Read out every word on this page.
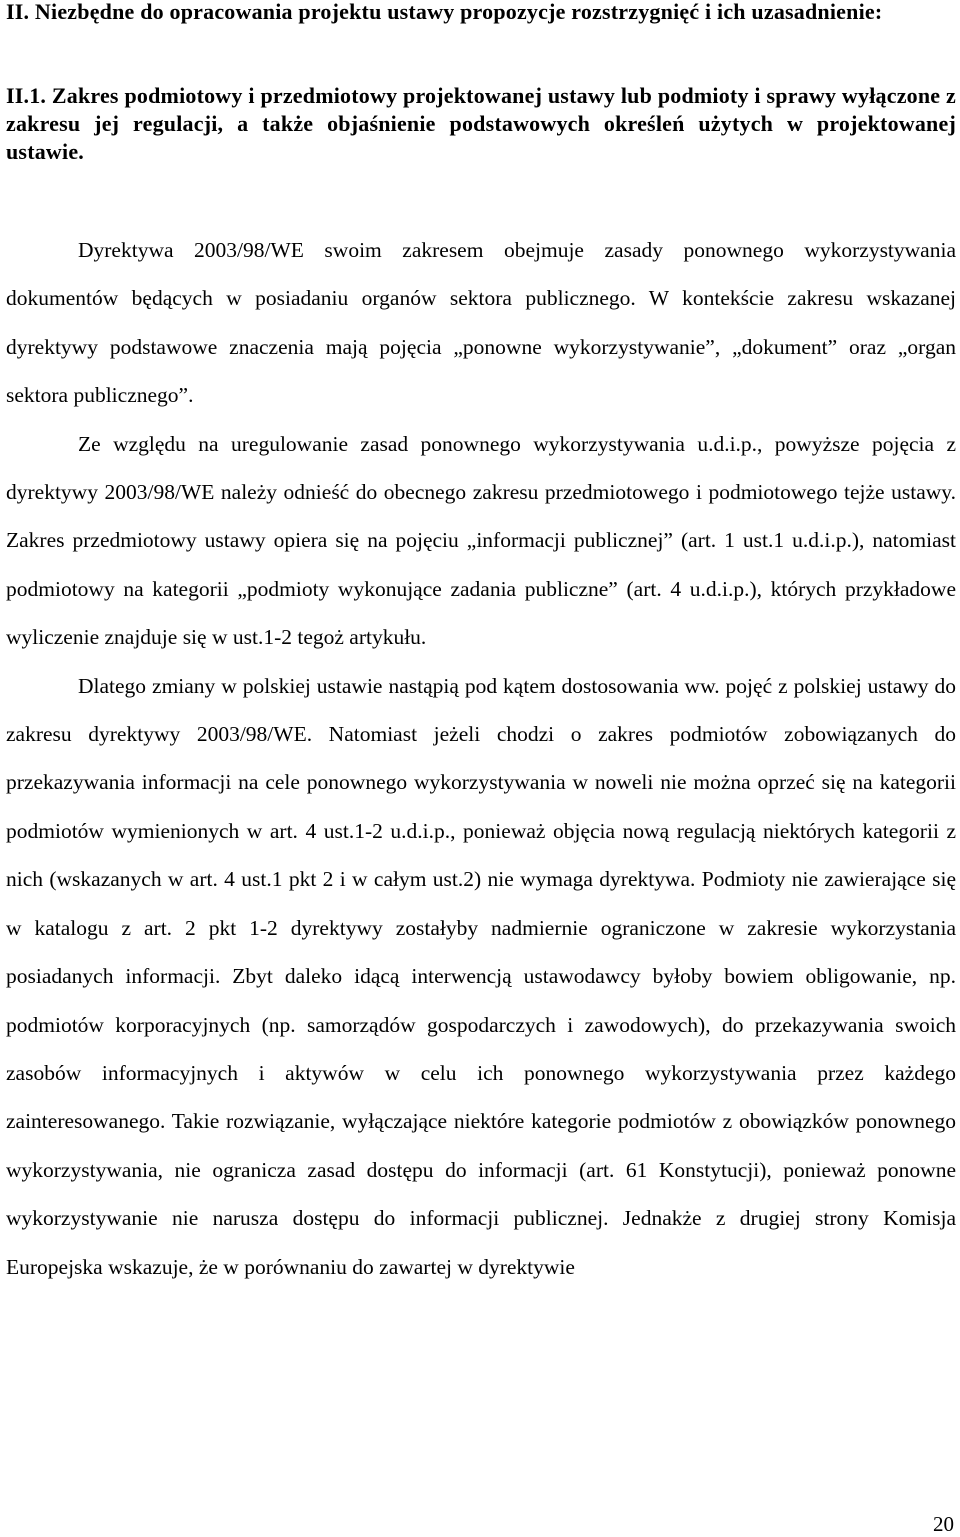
II. Niezbędne do opracowania projektu ustawy propozycje rozstrzygnięć i ich uzasadnienie:

II.1. Zakres podmiotowy i przedmiotowy projektowanej ustawy lub podmioty i sprawy wyłączone z zakresu jej regulacji, a także objaśnienie podstawowych określeń użytych w projektowanej ustawie.

Dyrektywa 2003/98/WE swoim zakresem obejmuje zasady ponownego wykorzystywania dokumentów będących w posiadaniu organów sektora publicznego. W kontekście zakresu wskazanej dyrektywy podstawowe znaczenia mają pojęcia „ponowne wykorzystywanie”, „dokument” oraz „organ sektora publicznego”.

Ze względu na uregulowanie zasad ponownego wykorzystywania u.d.i.p., powyższe pojęcia z dyrektywy 2003/98/WE należy odnieść do obecnego zakresu przedmiotowego i podmiotowego tejże ustawy. Zakres przedmiotowy ustawy opiera się na pojęciu „informacji publicznej” (art. 1 ust.1 u.d.i.p.), natomiast podmiotowy na kategorii „podmioty wykonujące zadania publiczne” (art. 4 u.d.i.p.), których przykładowe wyliczenie znajduje się w ust.1-2 tegoż artykułu.

Dlatego zmiany w polskiej ustawie nastąpią pod kątem dostosowania ww. pojęć z polskiej ustawy do zakresu dyrektywy 2003/98/WE. Natomiast jeżeli chodzi o zakres podmiotów zobowiązanych do przekazywania informacji na cele ponownego wykorzystywania w noweli nie można oprzeć się na kategorii podmiotów wymienionych w art. 4 ust.1-2 u.d.i.p., ponieważ objęcia nową regulacją niektórych kategorii z nich (wskazanych w art. 4 ust.1 pkt 2 i w całym ust.2) nie wymaga dyrektywa. Podmioty nie zawierające się w katalogu z art. 2 pkt 1-2 dyrektywy zostałyby nadmiernie ograniczone w zakresie wykorzystania posiadanych informacji. Zbyt daleko idącą interwencją ustawodawcy byłoby bowiem obligowanie, np. podmiotów korporacyjnych (np. samorządów gospodarczych i zawodowych), do przekazywania swoich zasobów informacyjnych i aktywów w celu ich ponownego wykorzystywania przez każdego zainteresowanego. Takie rozwiązanie, wyłączające niektóre kategorie podmiotów z obowiązków ponownego wykorzystywania, nie ogranicza zasad dostępu do informacji (art. 61 Konstytucji), ponieważ ponowne wykorzystywanie nie narusza dostępu do informacji publicznej. Jednakże z drugiej strony Komisja Europejska wskazuje, że w porównaniu do zawartej w dyrektywie

20
